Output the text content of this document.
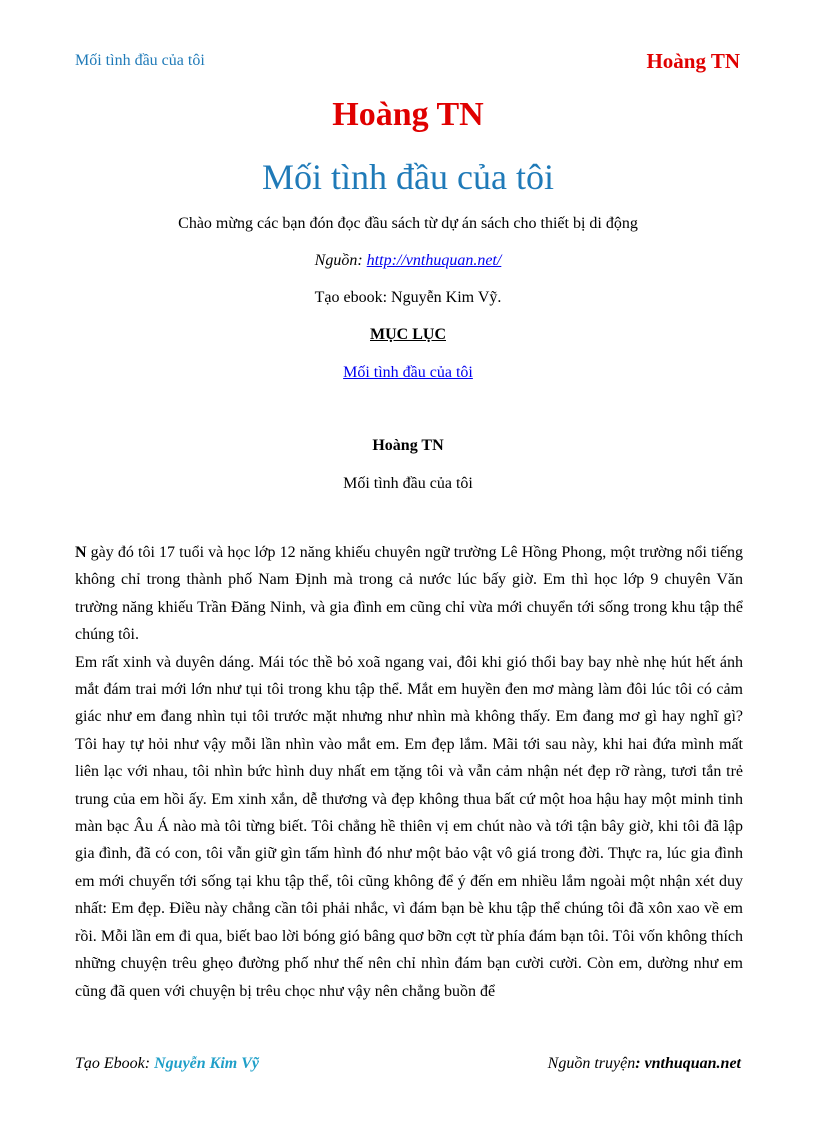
Mối tình đầu của tôi	Hoàng TN
Hoàng TN
Mối tình đầu của tôi
Chào mừng các bạn đón đọc đầu sách từ dự án sách cho thiết bị di động
Nguồn: http://vnthuquan.net/
Tạo ebook: Nguyễn Kim Vỹ.
MỤC LỤC
Mối tình đầu của tôi
Hoàng TN
Mối tình đầu của tôi

N gày đó tôi 17 tuổi và học lớp 12 năng khiếu chuyên ngữ trường Lê Hồng Phong, một trường nổi tiếng không chỉ trong thành phố Nam Định mà trong cả nước lúc bấy giờ. Em thì học lớp 9 chuyên Văn trường năng khiếu Trần Đăng Ninh, và gia đình em cũng chỉ vừa mới chuyển tới sống trong khu tập thể chúng tôi.

Em rất xinh và duyên dáng. Mái tóc thề bỏ xoã ngang vai, đôi khi gió thổi bay bay nhè nhẹ hút hết ánh mắt đám trai mới lớn như tụi tôi trong khu tập thể. Mắt em huyền đen mơ màng làm đôi lúc tôi có cảm giác như em đang nhìn tụi tôi trước mặt nhưng như nhìn mà không thấy. Em đang mơ gì hay nghĩ gì? Tôi hay tự hỏi như vậy mỗi lần nhìn vào mắt em. Em đẹp lắm. Mãi tới sau này, khi hai đứa mình mất liên lạc với nhau, tôi nhìn bức hình duy nhất em tặng tôi và vẫn cảm nhận nét đẹp rỡ ràng, tươi tắn trẻ trung của em hồi ấy. Em xinh xắn, dễ thương và đẹp không thua bất cứ một hoa hậu hay một minh tinh màn bạc Âu Á nào mà tôi từng biết. Tôi chẳng hề thiên vị em chút nào và tới tận bây giờ, khi tôi đã lập gia đình, đã có con, tôi vẫn giữ gìn tấm hình đó như một bảo vật vô giá trong đời. Thực ra, lúc gia đình em mới chuyển tới sống tại khu tập thể, tôi cũng không để ý đến em nhiều lắm ngoài một nhận xét duy nhất: Em đẹp. Điều này chẳng cần tôi phải nhắc, vì đám bạn bè khu tập thể chúng tôi đã xôn xao về em rồi. Mỗi lần em đi qua, biết bao lời bóng gió bâng quơ bỡn cợt từ phía đám bạn tôi. Tôi vốn không thích những chuyện trêu ghẹo đường phố như thế nên chỉ nhìn đám bạn cười cười. Còn em, dường như em cũng đã quen với chuyện bị trêu chọc như vậy nên chẳng buồn để

Tạo Ebook: Nguyễn Kim Vỹ	Nguồn truyện: vnthuquan.net
